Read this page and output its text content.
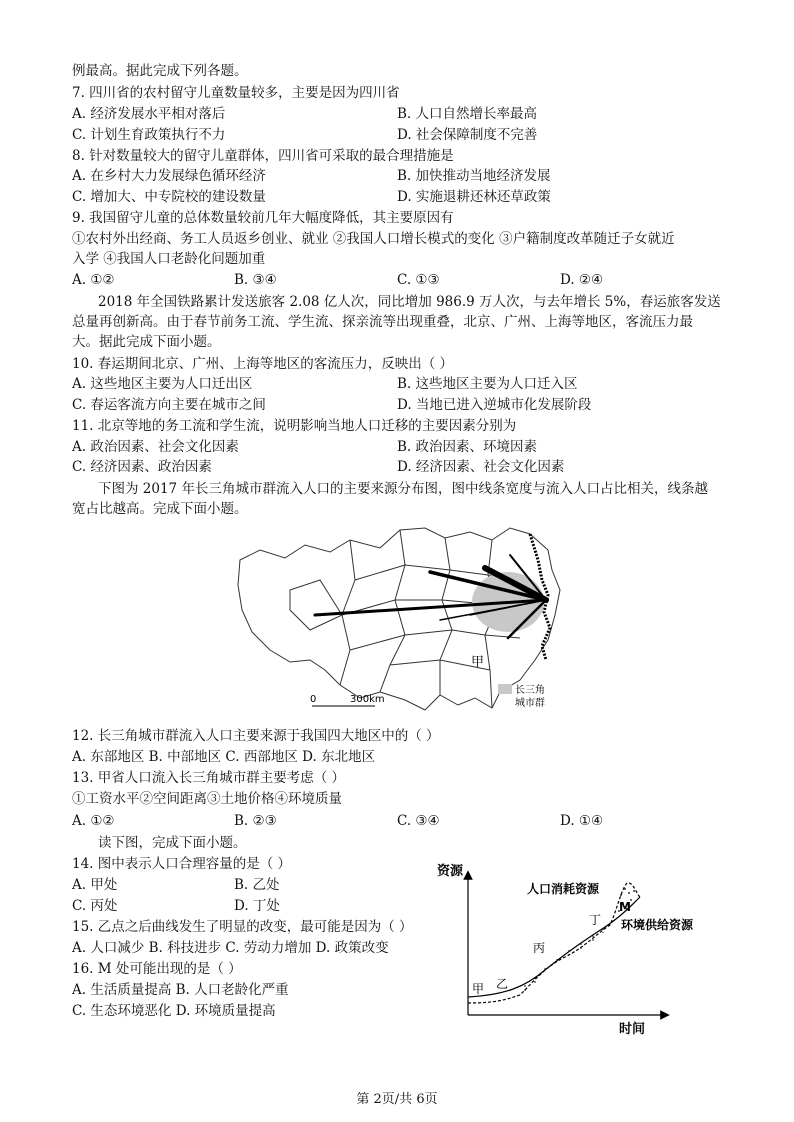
例最高。据此完成下列各题。
7. 四川省的农村留守儿童数量较多，主要是因为四川省
A. 经济发展水平相对落后	B. 人口自然增长率最高
C. 计划生育政策执行不力	D. 社会保障制度不完善
8. 针对数量较大的留守儿童群体，四川省可采取的最合理措施是
A. 在乡村大力发展绿色循环经济	B. 加快推动当地经济发展
C. 增加大、中专院校的建设数量	D. 实施退耕还林还草政策
9. 我国留守儿童的总体数量较前几年大幅度降低，其主要原因有
①农村外出经商、务工人员返乡创业、就业 ②我国人口增长模式的变化 ③户籍制度改革随迁子女就近
入学 ④我国人口老龄化问题加重
A. ①②	B. ③④	C. ①③	D. ②④
2018 年全国铁路累计发送旅客 2.08 亿人次，同比增加 986.9 万人次，与去年增长 5%，春运旅客发送
总量再创新高。由于春节前务工流、学生流、探亲流等出现重叠，北京、广州、上海等地区，客流压力最
大。据此完成下面小题。
10. 春运期间北京、广州、上海等地区的客流压力，反映出（ ）
A. 这些地区主要为人口迁出区	B. 这些地区主要为人口迁入区
C. 春运客流方向主要在城市之间	D. 当地已进入逆城市化发展阶段
11. 北京等地的务工流和学生流，说明影响当地人口迁移的主要因素分别为
A. 政治因素、社会文化因素	B. 政治因素、环境因素
C. 经济因素、政治因素	D. 经济因素、社会文化因素
下图为 2017 年长三角城市群流入人口的主要来源分布图，图中线条宽度与流入人口占比相关，线条越
宽占比越高。完成下面小题。
甲
0	300km
长三角
城市群
12. 长三角城市群流入人口主要来源于我国四大地区中的（ ）
A. 东部地区 B. 中部地区 C. 西部地区 D. 东北地区
13. 甲省人口流入长三角城市群主要考虑（ ）
①工资水平②空间距离③土地价格④环境质量
A. ①②	B. ②③	C. ③④	D. ①④
读下图，完成下面小题。
14. 图中表示人口合理容量的是（ ）
A. 甲处	B. 乙处
C. 丙处	D. 丁处
15. 乙点之后曲线发生了明显的改变，最可能是因为（ ）
A. 人口减少 B. 科技进步 C. 劳动力增加 D. 政策改变
16. M 处可能出现的是（ ）
A. 生活质量提高 B. 人口老龄化严重
C. 生态环境恶化 D. 环境质量提高
资源
时间
人口消耗资源
环境供给资源
甲 乙
丙
丁
M
第 2页/共 6页
